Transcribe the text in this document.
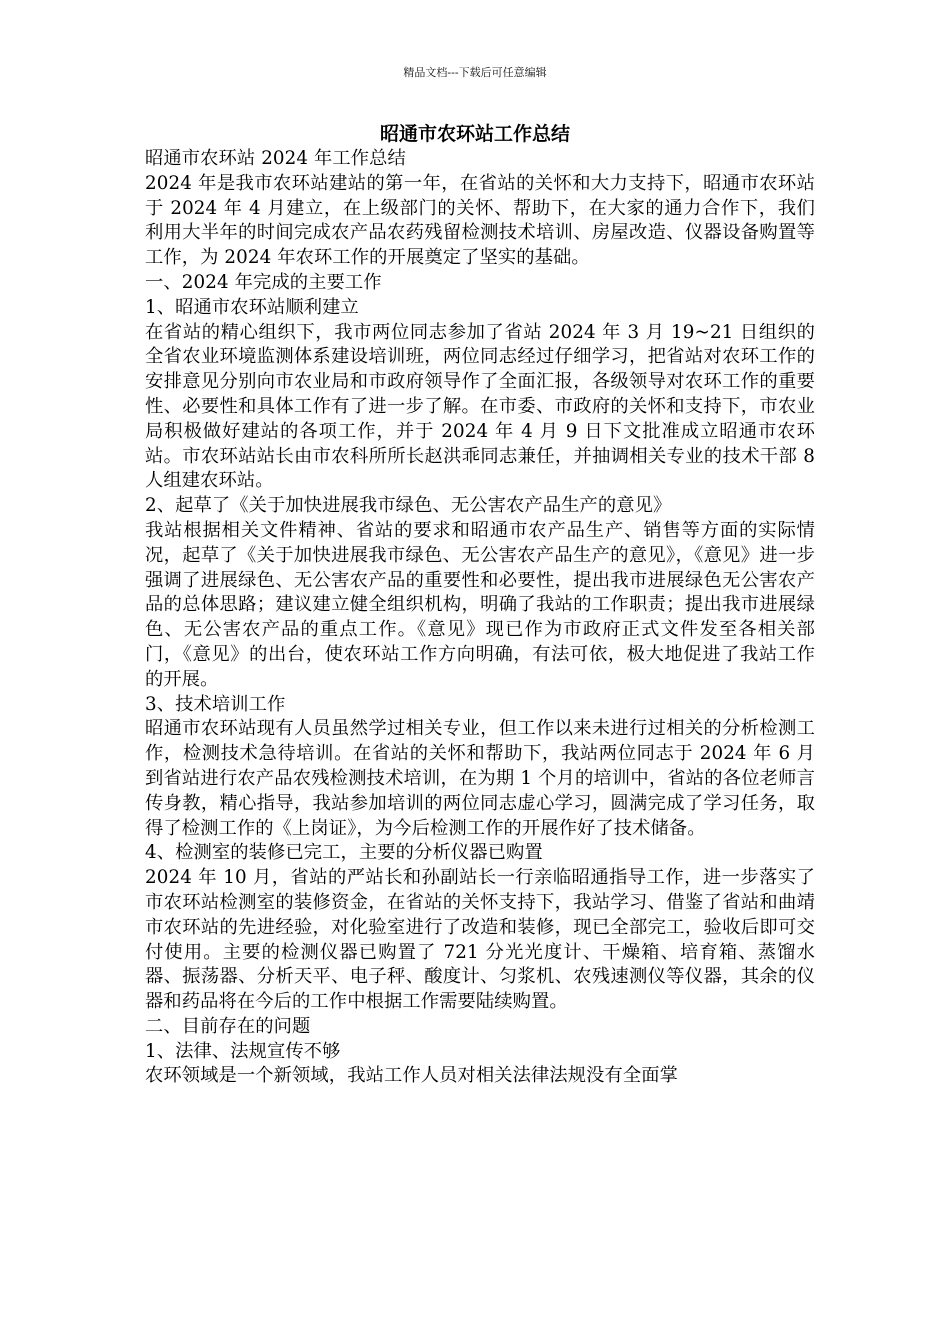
精品文档---下载后可任意编辑
昭通市农环站工作总结

昭通市农环站 2024 年工作总结

2024 年是我市农环站建站的第一年，在省站的关怀和大力支持下，昭通市农环站于 2024 年 4 月建立，在上级部门的关怀、帮助下，在大家的通力合作下，我们利用大半年的时间完成农产品农药残留检测技术培训、房屋改造、仪器设备购置等工作，为 2024 年农环工作的开展奠定了坚实的基础。

一、2024 年完成的主要工作

1、昭通市农环站顺利建立

在省站的精心组织下，我市两位同志参加了省站 2024 年 3 月 19~21 日组织的全省农业环境监测体系建设培训班，两位同志经过仔细学习，把省站对农环工作的安排意见分别向市农业局和市政府领导作了全面汇报，各级领导对农环工作的重要性、必要性和具体工作有了进一步了解。在市委、市政府的关怀和支持下，市农业局积极做好建站的各项工作，并于 2024 年 4 月 9 日下文批准成立昭通市农环站。市农环站站长由市农科所所长赵洪乖同志兼任，并抽调相关专业的技术干部 8 人组建农环站。

2、起草了《关于加快进展我市绿色、无公害农产品生产的意见》

我站根据相关文件精神、省站的要求和昭通市农产品生产、销售等方面的实际情况，起草了《关于加快进展我市绿色、无公害农产品生产的意见》，《意见》进一步强调了进展绿色、无公害农产品的重要性和必要性，提出我市进展绿色无公害农产品的总体思路；建议建立健全组织机构，明确了我站的工作职责；提出我市进展绿色、无公害农产品的重点工作。《意见》现已作为市政府正式文件发至各相关部门，《意见》的出台，使农环站工作方向明确，有法可依，极大地促进了我站工作的开展。

3、技术培训工作

昭通市农环站现有人员虽然学过相关专业，但工作以来未进行过相关的分析检测工作，检测技术急待培训。在省站的关怀和帮助下，我站两位同志于 2024 年 6 月到省站进行农产品农残检测技术培训，在为期 1 个月的培训中，省站的各位老师言传身教，精心指导，我站参加培训的两位同志虚心学习，圆满完成了学习任务，取得了检测工作的《上岗证》，为今后检测工作的开展作好了技术储备。

4、检测室的装修已完工，主要的分析仪器已购置

2024 年 10 月，省站的严站长和孙副站长一行亲临昭通指导工作，进一步落实了市农环站检测室的装修资金，在省站的关怀支持下，我站学习、借鉴了省站和曲靖市农环站的先进经验，对化验室进行了改造和装修，现已全部完工，验收后即可交付使用。主要的检测仪器已购置了 721 分光光度计、干燥箱、培育箱、蒸馏水器、振荡器、分析天平、电子秤、酸度计、匀浆机、农残速测仪等仪器，其余的仪器和药品将在今后的工作中根据工作需要陆续购置。

二、目前存在的问题

1、法律、法规宣传不够

农环领域是一个新领域，我站工作人员对相关法律法规没有全面掌
